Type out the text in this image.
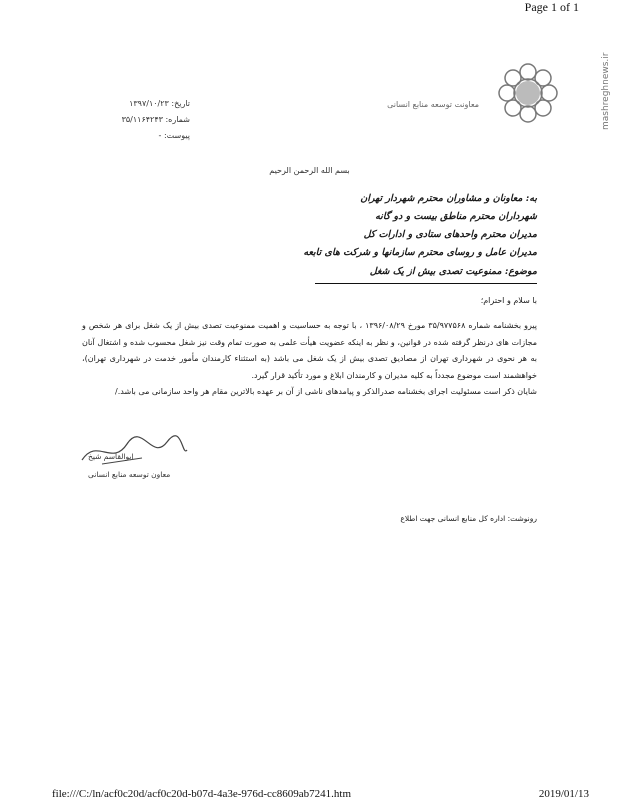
Page 1 of 1
mashreghnews.ir
معاونت توسعه منابع انسانی
تاریخ: ۱۳۹۷/۱۰/۲۳
شماره: ۳۵/۱۱۶۴۲۴۳
پیوست: -
بسم الله الرحمن الرحیم
به: معاونان و مشاوران محترم شهردار تهران
شهرداران محترم مناطق بیست و دو گانه
مدیران محترم واحدهای ستادی و ادارات کل
مدیران عامل و روسای محترم سازمانها و شرکت های تابعه
موضوع: ممنوعیت تصدی بیش از یک شغل
با سلام و احترام؛
پیرو بخشنامه شماره ۳۵/۹۷۷۵۶۸ مورخ ۱۳۹۶/۰۸/۲۹ ، با توجه به حساسیت و اهمیت ممنوعیت تصدی بیش از یک شغل برای هر شخص و مجازات های درنظر گرفته شده در قوانین، و نظر به اینکه عضویت هیأت علمی به صورت تمام وقت نیز شغل محسوب شده و اشتغال آنان به هر نحوی در شهرداری تهران از مصادیق تصدی بیش از یک شغل می باشد (به استثناء کارمندان مأمور خدمت در شهرداری تهران)، خواهشمند است موضوع مجدداً به کلیه مدیران و کارمندان ابلاغ و مورد تأکید قرار گیرد.
شایان ذکر است مسئولیت اجرای بخشنامه صدرالذکر و پیامدهای ناشی از آن بر عهده بالاترین مقام هر واحد سازمانی می باشد./
ابوالقاسم شیخ
معاون توسعه منابع انسانی
رونوشت: اداره کل منابع انسانی جهت اطلاع
file:///C:/ln/acf0c20d/acf0c20d-b07d-4a3e-976d-cc8609ab7241.htm	2019/01/13
